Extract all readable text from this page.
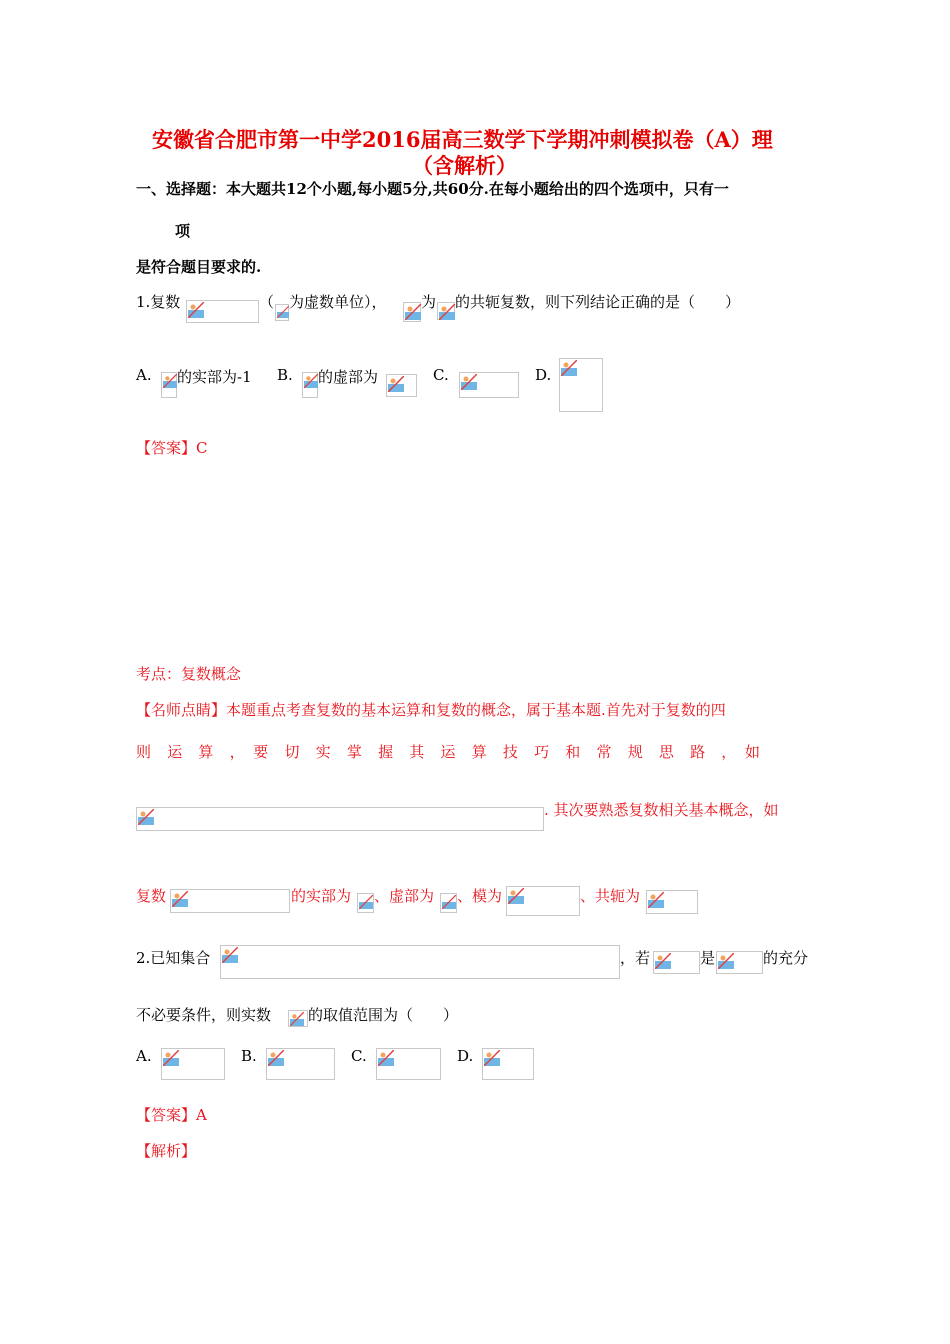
安徽省合肥市第一中学2016届高三数学下学期冲刺模拟卷（A）理
（含解析）
一、选择题：本大题共12个小题,每小题5分,共60分.在每小题给出的四个选项中，只有一
项
是符合题目要求的.
1.复数	（ 为虚数单位）， 为 的共轭复数，则下列结论正确的是（　　）
A. 的实部为-1 B. 的虚部为	C.	D.
【答案】C
考点：复数概念
【名师点睛】本题重点考查复数的基本运算和复数的概念，属于基本题.首先对于复数的四
则　运　算　，　要　切　实　掌　握　其　运　算　技　巧　和　常　规　思　路　，　如
. 其次要熟悉复数相关基本概念，如
复数	的实部为 、虚部为 、模为	、共轭为
2.已知集合	，若	是	的充分
不必要条件，则实数 的取值范围为（　　）
A.	B.	C.	D.
【答案】A
【解析】
